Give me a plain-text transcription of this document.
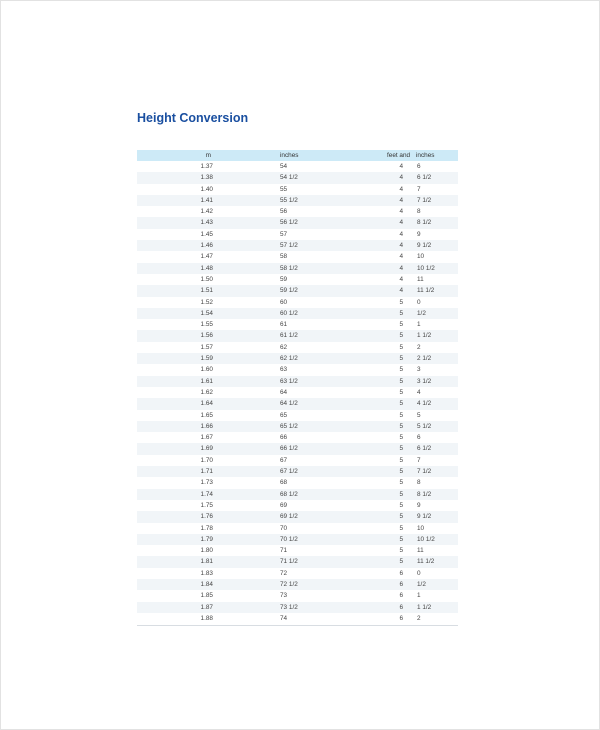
Height Conversion
m	inches	feet and inches
1.37	54	4 6
1.38	54 1/2	4 6 1/2
1.40	55	4 7
1.41	55 1/2	4 7 1/2
1.42	56	4 8
1.43	56 1/2	4 8 1/2
1.45	57	4 9
1.46	57 1/2	4 9 1/2
1.47	58	4 10
1.48	58 1/2	4 10 1/2
1.50	59	4 11
1.51	59 1/2	4 11 1/2
1.52	60	5 0
1.54	60 1/2	5 1/2
1.55	61	5 1
1.56	61 1/2	5 1 1/2
1.57	62	5 2
1.59	62 1/2	5 2 1/2
1.60	63	5 3
1.61	63 1/2	5 3 1/2
1.62	64	5 4
1.64	64 1/2	5 4 1/2
1.65	65	5 5
1.66	65 1/2	5 5 1/2
1.67	66	5 6
1.69	66 1/2	5 6 1/2
1.70	67	5 7
1.71	67 1/2	5 7 1/2
1.73	68	5 8
1.74	68 1/2	5 8 1/2
1.75	69	5 9
1.76	69 1/2	5 9 1/2
1.78	70	5 10
1.79	70 1/2	5 10 1/2
1.80	71	5 11
1.81	71 1/2	5 11 1/2
1.83	72	6 0
1.84	72 1/2	6 1/2
1.85	73	6 1
1.87	73 1/2	6 1 1/2
1.88	74	6 2
